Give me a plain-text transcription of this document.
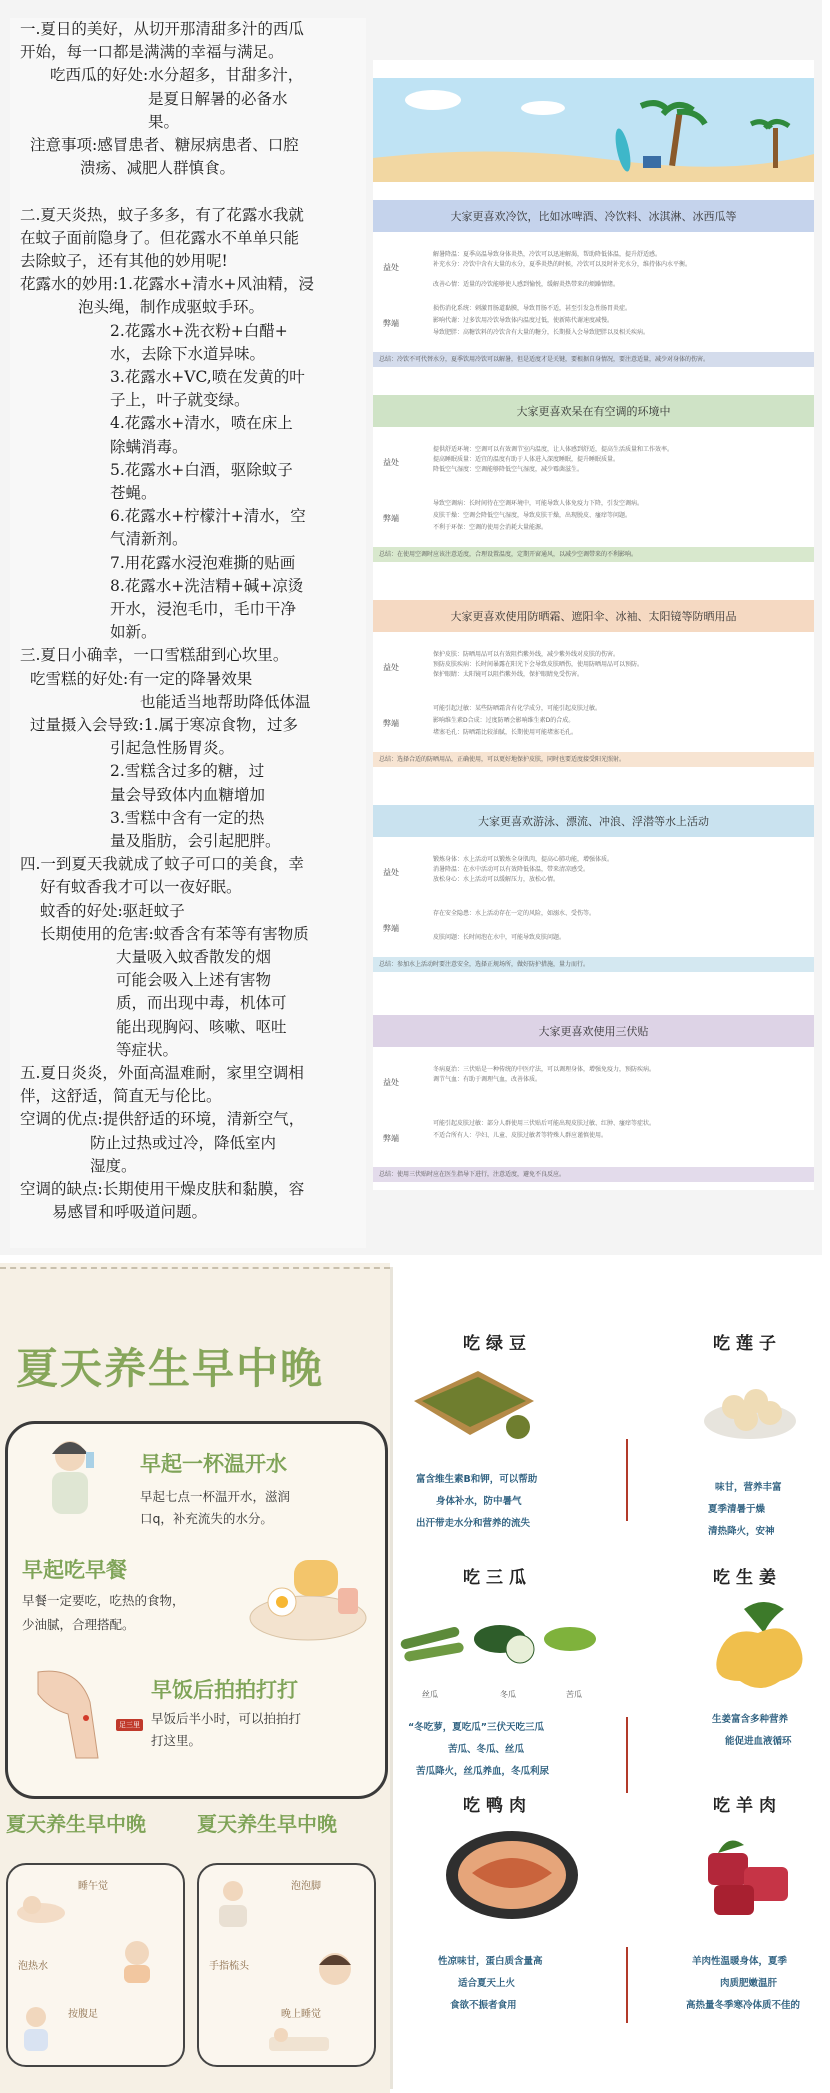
一.夏日的美好，从切开那清甜多汁的西瓜
开始，每一口都是满满的幸福与满足。
吃西瓜的好处:水分超多，甘甜多汁，
是夏日解暑的必备水
果。
注意事项:感冒患者、糖尿病患者、口腔
溃疡、减肥人群慎食。
二.夏天炎热，蚊子多多，有了花露水我就
在蚊子面前隐身了。但花露水不单单只能
去除蚊子，还有其他的妙用呢!
花露水的妙用:1.花露水+清水+风油精，浸
泡头绳，制作成驱蚊手环。
2.花露水+洗衣粉+白醋+
水，去除下水道异味。
3.花露水+VC,喷在发黄的叶
子上，叶子就变绿。
4.花露水+清水，喷在床上
除螨消毒。
5.花露水+白酒，驱除蚊子
苍蝇。
6.花露水+柠檬汁+清水，空
气清新剂。
7.用花露水浸泡难撕的贴画
8.花露水+洗洁精+碱+凉烫
开水，浸泡毛巾，毛巾干净
如新。
三.夏日小确幸，一口雪糕甜到心坎里。
吃雪糕的好处:有一定的降暑效果
也能适当地帮助降低体温
过量摄入会导致:1.属于寒凉食物，过多
引起急性肠胃炎。
2.雪糕含过多的糖，过
量会导致体内血糖增加
3.雪糕中含有一定的热
量及脂肪，会引起肥胖。
四.一到夏天我就成了蚊子可口的美食，幸
好有蚊香我才可以一夜好眠。
蚊香的好处:驱赶蚊子
长期使用的危害:蚊香含有苯等有害物质
大量吸入蚊香散发的烟
可能会吸入上述有害物
质，而出现中毒，机体可
能出现胸闷、咳嗽、呕吐
等症状。
五.夏日炎炎，外面高温难耐，家里空调相
伴，这舒适，简直无与伦比。
空调的优点:提供舒适的环境，清新空气，
防止过热或过冷，降低室内
湿度。
空调的缺点:长期使用干燥皮肤和黏膜，容
易感冒和呼吸道问题。
大家更喜欢冷饮，比如冰啤酒、冷饮料、冰淇淋、冰西瓜等
益处
解暑降温：夏季高温导致身体炎热，冷饮可以迅速解渴，帮助降低体温，提升舒适感。
补充水分：冷饮中含有大量的水分，夏季炎热的时候，冷饮可以及时补充水分，维持体内水平衡。
改善心情：适量的冷饮能够使人感到愉悦，缓解炎热带来的烦躁情绪。
弊端
损伤消化系统：刺激胃肠道黏膜，导致胃肠不适，甚至引发急性肠胃炎症。
影响代谢：过多饮用冷饮导致体内温度过低，使新陈代谢速度减慢。
导致肥胖：高糖饮料的冷饮含有大量的糖分，长期摄入会导致肥胖以及相关疾病。
总结：冷饮不可代替水分，夏季饮用冷饮可以解暑，但是适度才是关键，要根据自身情况，要注意适量，减少对身体的伤害。
大家更喜欢呆在有空调的环境中
益处
提供舒适环境：空调可以有效调节室内温度，让人体感到舒适，提高生活质量和工作效率。
提高睡眠质量：适宜的温度有助于人体进入深度睡眠，提升睡眠质量。
降低空气湿度：空调能够降低空气湿度，减少霉菌滋生。
弊端
导致空调病：长时间待在空调环境中，可能导致人体免疫力下降，引发空调病。
皮肤干燥：空调会降低空气湿度，导致皮肤干燥，出现脱皮、瘙痒等问题。
不利于环保：空调的使用会消耗大量能源。
总结：在使用空调时应该注意适度，合理设置温度，定期开窗通风，以减少空调带来的不利影响。
大家更喜欢使用防晒霜、遮阳伞、冰袖、太阳镜等防晒用品
益处
保护皮肤：防晒用品可以有效阻挡紫外线，减少紫外线对皮肤的伤害。
预防皮肤疾病：长时间暴露在阳光下会导致皮肤晒伤，使用防晒用品可以预防。
保护眼睛：太阳镜可以阻挡紫外线，保护眼睛免受伤害。
弊端
可能引起过敏：某些防晒霜含有化学成分，可能引起皮肤过敏。
影响维生素D合成：过度防晒会影响维生素D的合成。
堵塞毛孔：防晒霜比较油腻，长期使用可能堵塞毛孔。
总结：选择合适的防晒用品，正确使用，可以更好地保护皮肤，同时也要适度接受阳光照射。
大家更喜欢游泳、漂流、冲浪、浮潜等水上活动
益处
锻炼身体：水上活动可以锻炼全身肌肉，提高心肺功能，增强体质。
消暑降温：在水中活动可以有效降低体温，带来清凉感受。
放松身心：水上活动可以缓解压力，放松心情。
弊端
存在安全隐患：水上活动存在一定的风险，如溺水、受伤等。
皮肤问题：长时间泡在水中，可能导致皮肤问题。
总结：参加水上活动时要注意安全，选择正规场所，做好防护措施，量力而行。
大家更喜欢使用三伏贴
益处
冬病夏治：三伏贴是一种传统的中医疗法，可以调理身体，增强免疫力，预防疾病。
调节气血：有助于调理气血，改善体质。
弊端
可能引起皮肤过敏：部分人群使用三伏贴后可能出现皮肤过敏、红肿、瘙痒等症状。
不适合所有人：孕妇、儿童、皮肤过敏者等特殊人群应谨慎使用。
总结：使用三伏贴时应在医生指导下进行，注意适度，避免不良反应。
夏天养生早中晚
早起一杯温开水
早起七点一杯温开水，滋润
口q，补充流失的水分。
早起吃早餐
早餐一定要吃，吃热的食物，
少油腻，合理搭配。
足三里
早饭后拍拍打打
早饭后半小时，可以拍拍打
打这里。
夏天养生早中晚
睡午觉
泡热水
按腹足
夏天养生早中晚
泡泡脚
手指梳头
晚上睡觉
吃绿豆
富含维生素B和钾，可以帮助
身体补水，防中暑气
出汗带走水分和营养的流失
吃莲子
味甘，营养丰富
夏季清暑于燥
清热降火，安神
吃三瓜
丝瓜	冬瓜	苦瓜
“冬吃萝，夏吃瓜”三伏天吃三瓜
苦瓜、冬瓜、丝瓜
苦瓜降火，丝瓜养血，冬瓜利尿
吃生姜
生姜富含多种营养
能促进血液循环
吃鸭肉
性凉味甘，蛋白质含量高
适合夏天上火
食欲不振者食用
吃羊肉
羊肉性温暖身体，夏季
肉质肥嫩温肝
高热量冬季寒冷体质不佳的
